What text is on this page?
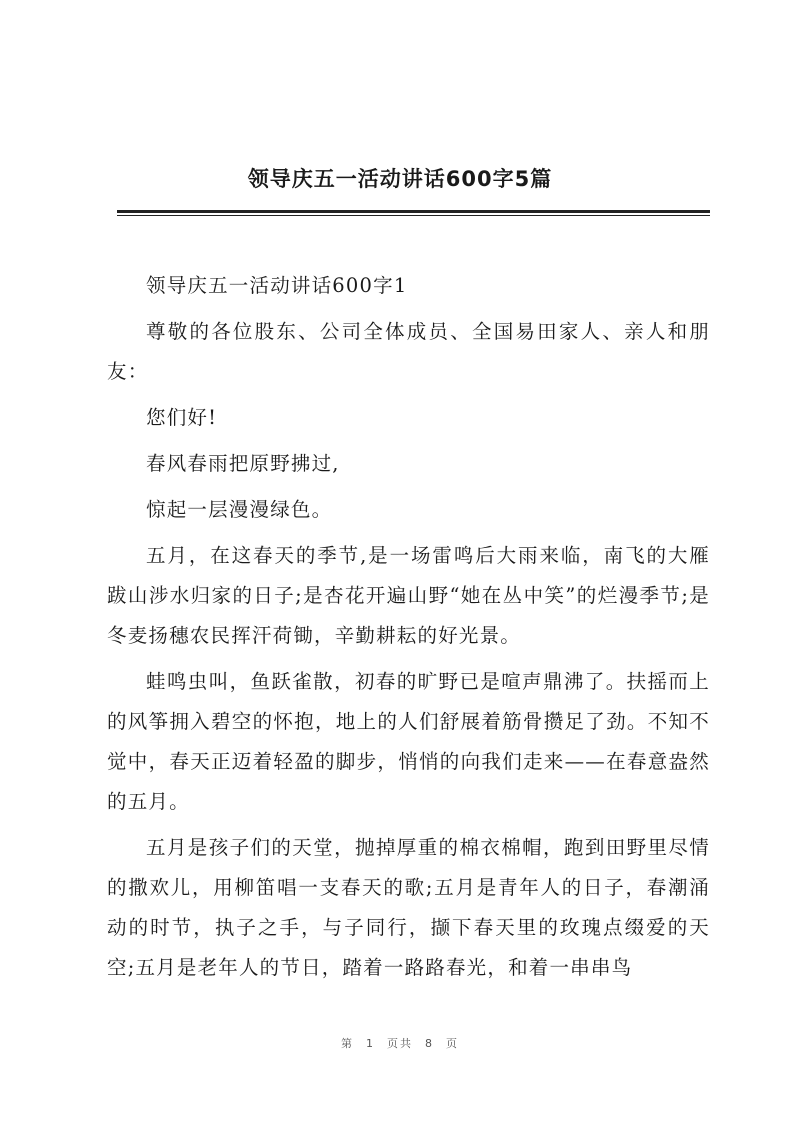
领导庆五一活动讲话600字5篇

领导庆五一活动讲话600字1

尊敬的各位股东、公司全体成员、全国易田家人、亲人和朋友：

您们好!

春风春雨把原野拂过,

惊起一层漫漫绿色。

五月，在这春天的季节,是一场雷鸣后大雨来临，南飞的大雁跋山涉水归家的日子;是杏花开遍山野“她在丛中笑”的烂漫季节;是冬麦扬穗农民挥汗荷锄，辛勤耕耘的好光景。

蛙鸣虫叫，鱼跃雀散，初春的旷野已是喧声鼎沸了。扶摇而上的风筝拥入碧空的怀抱，地上的人们舒展着筋骨攒足了劲。不知不觉中，春天正迈着轻盈的脚步，悄悄的向我们走来——在春意盎然的五月。

五月是孩子们的天堂，抛掉厚重的棉衣棉帽，跑到田野里尽情的撒欢儿，用柳笛唱一支春天的歌;五月是青年人的日子，春潮涌动的时节，执子之手，与子同行，撷下春天里的玫瑰点缀爱的天空;五月是老年人的节日，踏着一路路春光，和着一串串鸟

第 1 页共 8 页
